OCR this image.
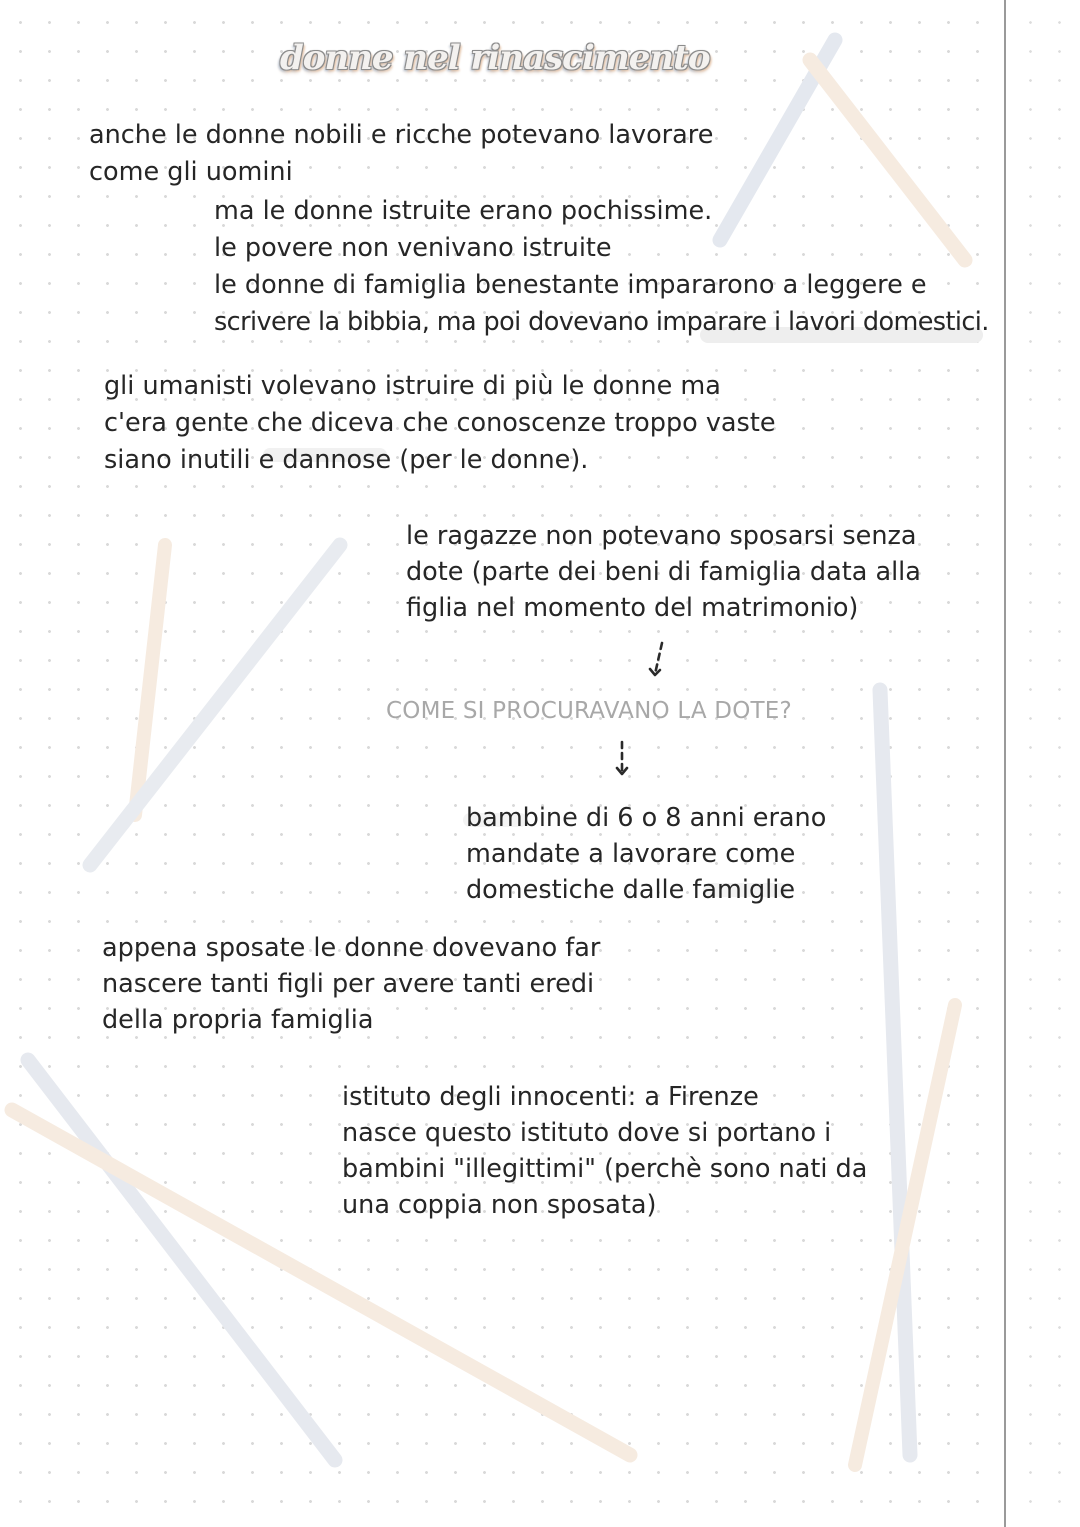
donne nel rinascimento
anche le donne nobili e ricche potevano lavorare
come gli uomini
ma le donne istruite erano pochissime.
le povere non venivano istruite
le donne di famiglia benestante impararono a leggere e
scrivere la bibbia, ma poi dovevano imparare i lavori domestici.
gli umanisti volevano istruire di più le donne ma
c'era gente che diceva che conoscenze troppo vaste
siano inutili e dannose (per le donne).
le ragazze non potevano sposarsi senza
dote (parte dei beni di famiglia data alla
figlia nel momento del matrimonio)
COME SI PROCURAVANO LA DOTE?
bambine di 6 o 8 anni erano
mandate a lavorare come
domestiche dalle famiglie
appena sposate le donne dovevano far
nascere tanti figli per avere tanti eredi
della propria famiglia
istituto degli innocenti: a Firenze
nasce questo istituto dove si portano i
bambini "illegittimi" (perchè sono nati da
una coppia non sposata)
